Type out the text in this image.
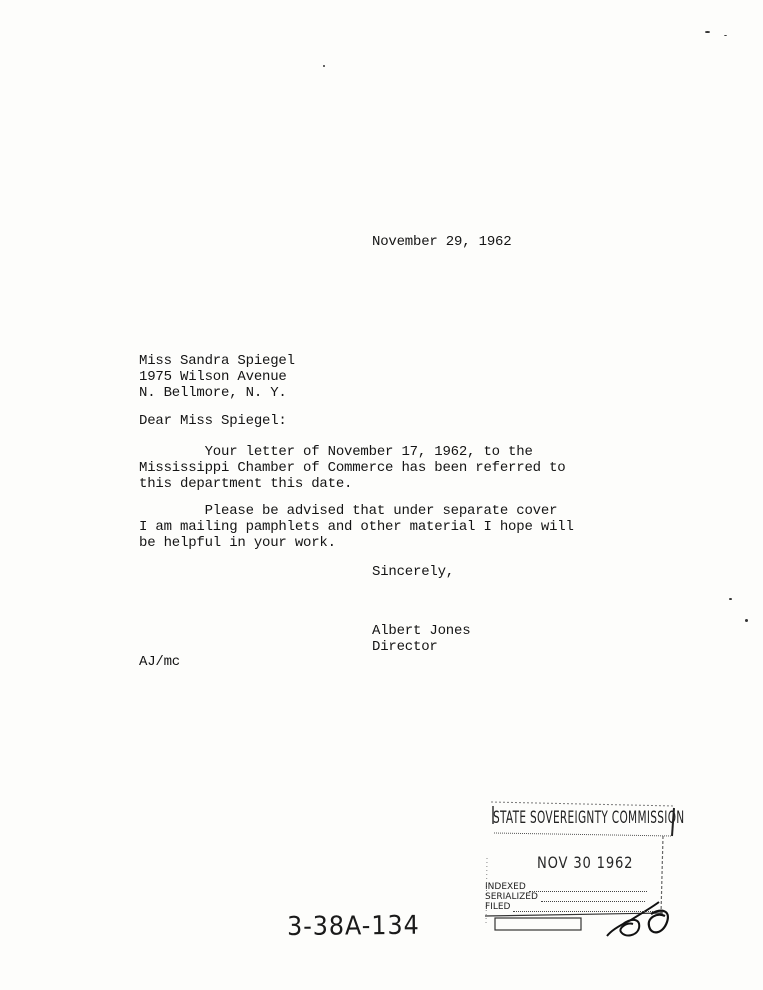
November 29, 1962
Miss Sandra Spiegel
1975 Wilson Avenue
N. Bellmore, N. Y.
Dear Miss Spiegel:
Your letter of November 17, 1962, to the
Mississippi Chamber of Commerce has been referred to
this department this date.
Please be advised that under separate cover
I am mailing pamphlets and other material I hope will
be helpful in your work.
Sincerely,
Albert Jones
Director
AJ/mc
STATE SOVEREIGNTY COMMISSION
NOV 30 1962
INDEXED
SERIALIZED
FILED
3-38A-134
